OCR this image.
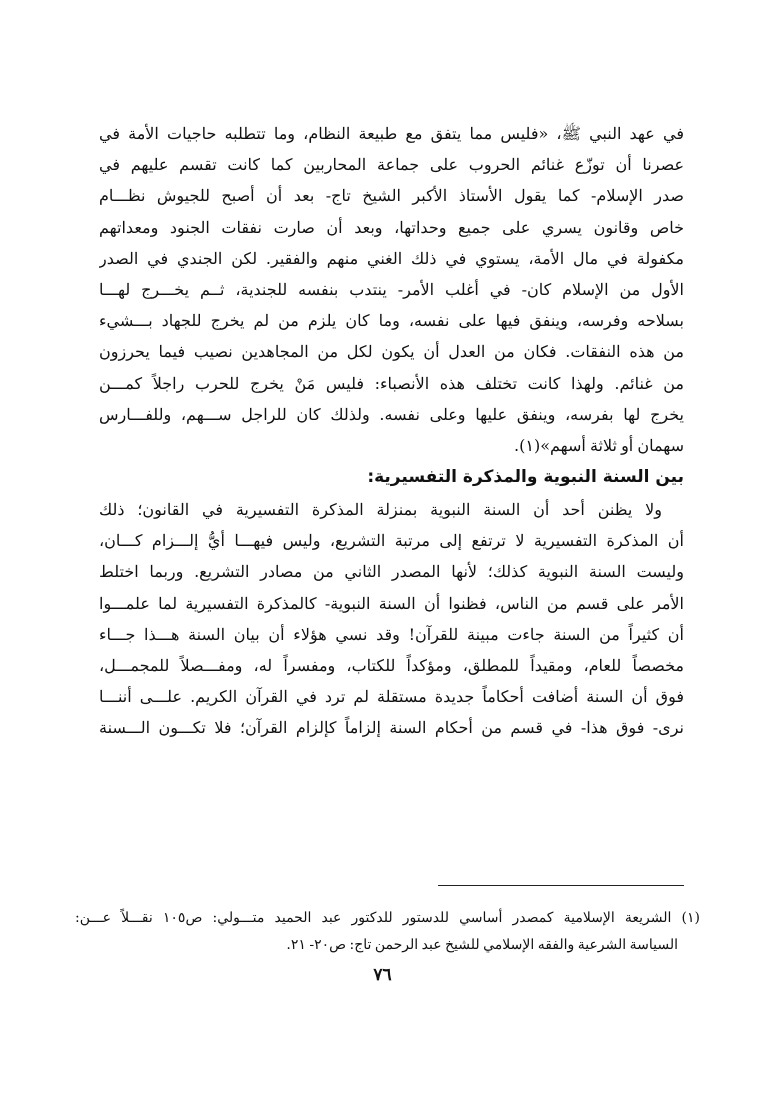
في عهد النبي ﷺ، «فليس مما يتفق مع طبيعة النظام، وما تتطلبه حاجيات الأمة في
عصرنا أن توزّع غنائم الحروب على جماعة المحاربين كما كانت تقسم عليهم في
صدر الإسلام- كما يقول الأستاذ الأكبر الشيخ تاج- بعد أن أصبح للجيوش نظـــام
خاص وقانون يسري على جميع وحداتها، وبعد أن صارت نفقات الجنود ومعداتهم
مكفولة في مال الأمة، يستوي في ذلك الغني منهم والفقير. لكن الجندي في الصدر
الأول من الإسلام كان- في أغلب الأمر- ينتدب بنفسه للجندية، ثــم يخـــرج لهـــا
بسلاحه وفرسه، وينفق فيها على نفسه، وما كان يلزم من لم يخرج للجهاد بـــشيء
من هذه النفقات. فكان من العدل أن يكون لكل من المجاهدين نصيب فيما يحرزون
من غنائم. ولهذا كانت تختلف هذه الأنصباء: فليس مَنْ يخرج للحرب راجلاً كمـــن
يخرج لها بفرسه، وينفق عليها وعلى نفسه. ولذلك كان للراجل ســـهم، وللفـــارس
سهمان أو ثلاثة أسهم»(١).
بين السنة النبوية والمذكرة التفسيرية:
ولا يظنن أحد أن السنة النبوية بمنزلة المذكرة التفسيرية في القانون؛ ذلك
أن المذكرة التفسيرية لا ترتفع إلى مرتبة التشريع، وليس فيهـــا أيُّ إلـــزام كـــان،
وليست السنة النبوية كذلك؛ لأنها المصدر الثاني من مصادر التشريع. وربما اختلط
الأمر على قسم من الناس، فظنوا أن السنة النبوية- كالمذكرة التفسيرية لما علمـــوا
أن كثيراً من السنة جاءت مبينة للقرآن! وقد نسي هؤلاء أن بيان السنة هـــذا جـــاء
مخصصاً للعام، ومقيداً للمطلق، ومؤكداً للكتاب، ومفسراً له، ومفـــصلاً للمجمـــل،
فوق أن السنة أضافت أحكاماً جديدة مستقلة لم ترد في القرآن الكريم. علـــى أننـــا
نرى- فوق هذا- في قسم من أحكام السنة إلزاماً كإلزام القرآن؛ فلا تكـــون الـــسنة
(١) الشريعة الإسلامية كمصدر أساسي للدستور للدكتور عبد الحميد متـــولي: ص١٠٥ نقـــلاً عـــن:
السياسة الشرعية والفقه الإسلامي للشيخ عبد الرحمن تاج: ص٢٠- ٢١.
٧٦
